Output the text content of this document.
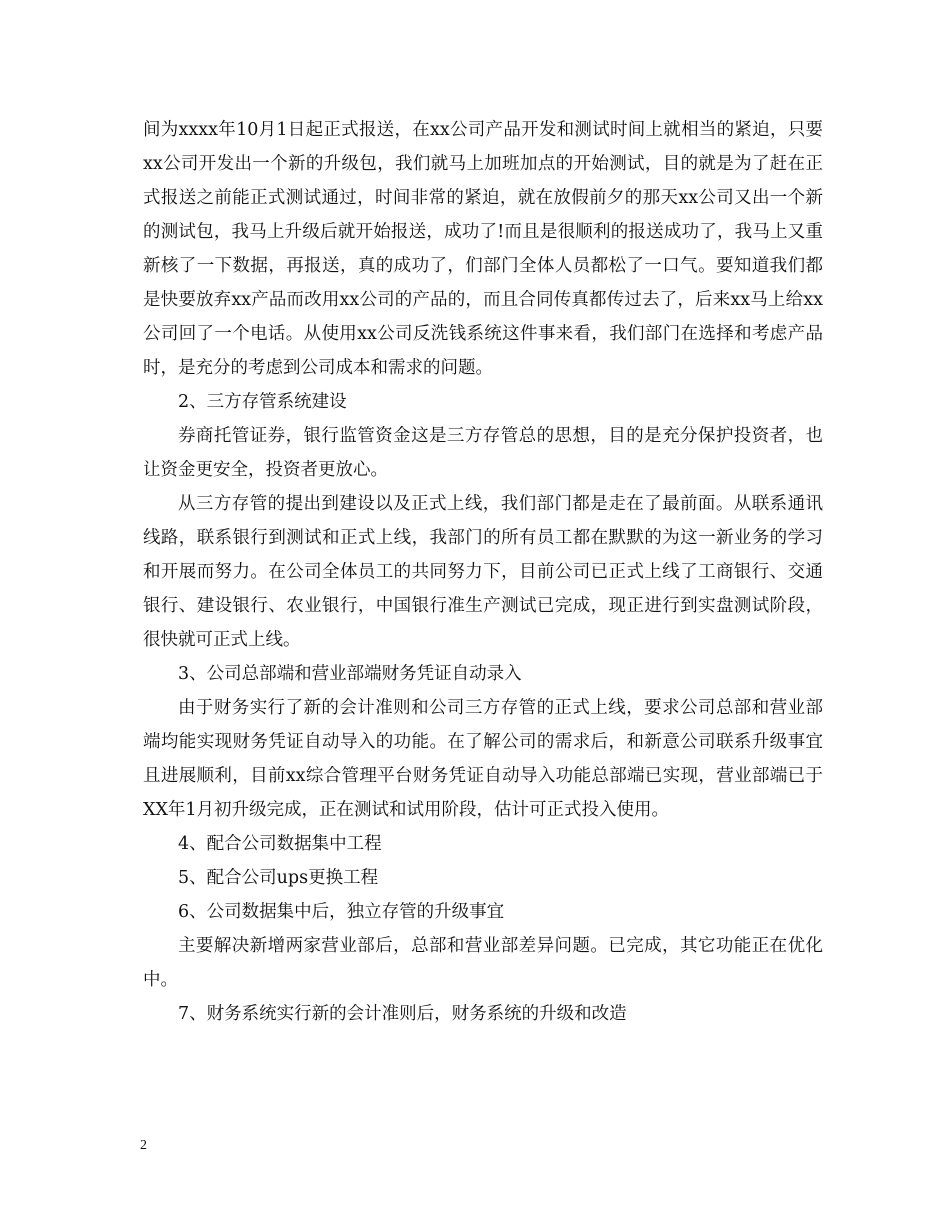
间为xxxx年10月1日起正式报送，在xx公司产品开发和测试时间上就相当的紧迫，只要xx公司开发出一个新的升级包，我们就马上加班加点的开始测试，目的就是为了赶在正式报送之前能正式测试通过，时间非常的紧迫，就在放假前夕的那天xx公司又出一个新的测试包，我马上升级后就开始报送，成功了!而且是很顺利的报送成功了，我马上又重新核了一下数据，再报送，真的成功了，们部门全体人员都松了一口气。要知道我们都是快要放弃xx产品而改用xx公司的产品的，而且合同传真都传过去了，后来xx马上给xx公司回了一个电话。从使用xx公司反洗钱系统这件事来看，我们部门在选择和考虑产品时，是充分的考虑到公司成本和需求的问题。

2、三方存管系统建设

券商托管证券，银行监管资金这是三方存管总的思想，目的是充分保护投资者，也让资金更安全，投资者更放心。

从三方存管的提出到建设以及正式上线，我们部门都是走在了最前面。从联系通讯线路，联系银行到测试和正式上线，我部门的所有员工都在默默的为这一新业务的学习和开展而努力。在公司全体员工的共同努力下，目前公司已正式上线了工商银行、交通银行、建设银行、农业银行，中国银行准生产测试已完成，现正进行到实盘测试阶段，很快就可正式上线。

3、公司总部端和营业部端财务凭证自动录入

由于财务实行了新的会计准则和公司三方存管的正式上线，要求公司总部和营业部端均能实现财务凭证自动导入的功能。在了解公司的需求后，和新意公司联系升级事宜且进展顺利，目前xx综合管理平台财务凭证自动导入功能总部端已实现，营业部端已于XX年1月初升级完成，正在测试和试用阶段，估计可正式投入使用。

4、配合公司数据集中工程

5、配合公司ups更换工程

6、公司数据集中后，独立存管的升级事宜

主要解决新增两家营业部后，总部和营业部差异问题。已完成，其它功能正在优化中。

7、财务系统实行新的会计准则后，财务系统的升级和改造

2
